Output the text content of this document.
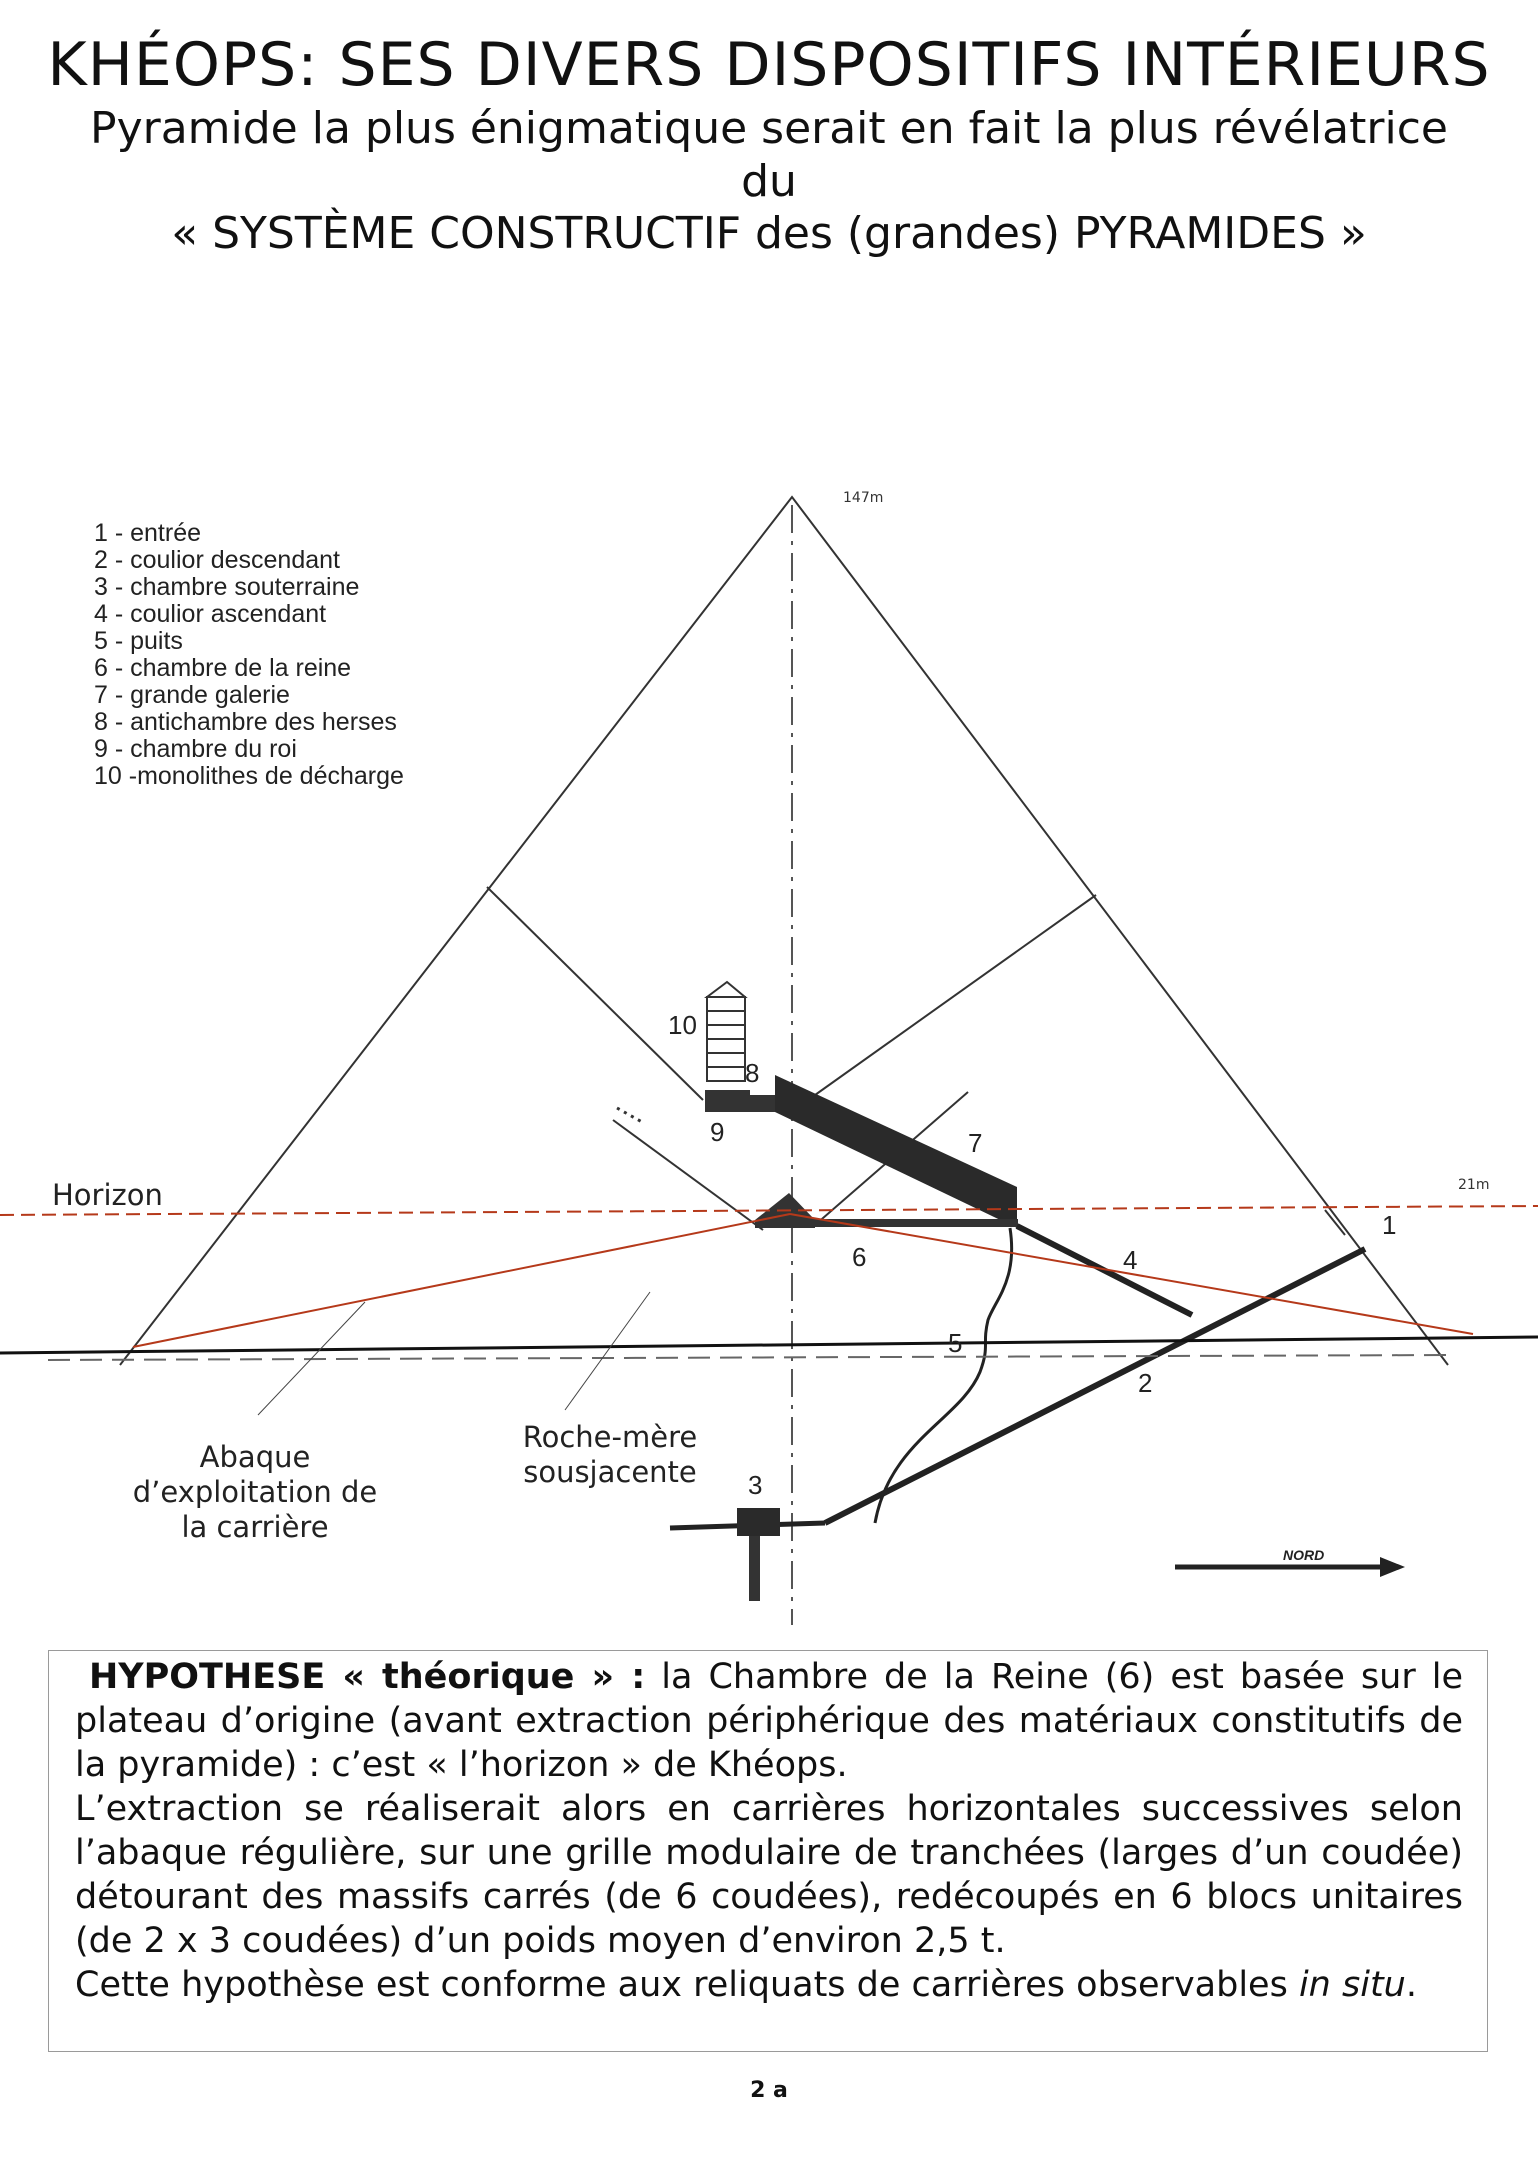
KHÉOPS: SES DIVERS DISPOSITIFS INTÉRIEURS
Pyramide la plus énigmatique serait en fait la plus révélatrice
du
« SYSTÈME CONSTRUCTIF des (grandes) PYRAMIDES »
NORD
147m
21m
Horizon
1 - entrée
2 - coulior descendant
3 - chambre souterraine
4 - coulior ascendant
5 - puits
6 - chambre de la reine
7 - grande galerie
8 - antichambre des herses
9 - chambre du roi
10 -monolithes de décharge
1
2
3
4
5
6
7
8
9
10
Abaque
d’exploitation de
la carrière
Roche-mère
sousjacente

HYPOTHESE « théorique » : la Chambre de la Reine (6) est basée sur le plateau d’origine (avant extraction périphérique des matériaux constitutifs de la pyramide) : c’est « l’horizon » de Khéops.

L’extraction se réaliserait alors en carrières horizontales successives selon l’abaque régulière, sur une grille modulaire de tranchées (larges d’un coudée) détourant des massifs carrés (de 6 coudées), redécoupés en 6 blocs unitaires (de 2 x 3 coudées) d’un poids moyen d’environ 2,5 t.

Cette hypothèse est conforme aux reliquats de carrières observables in situ.

2 a
